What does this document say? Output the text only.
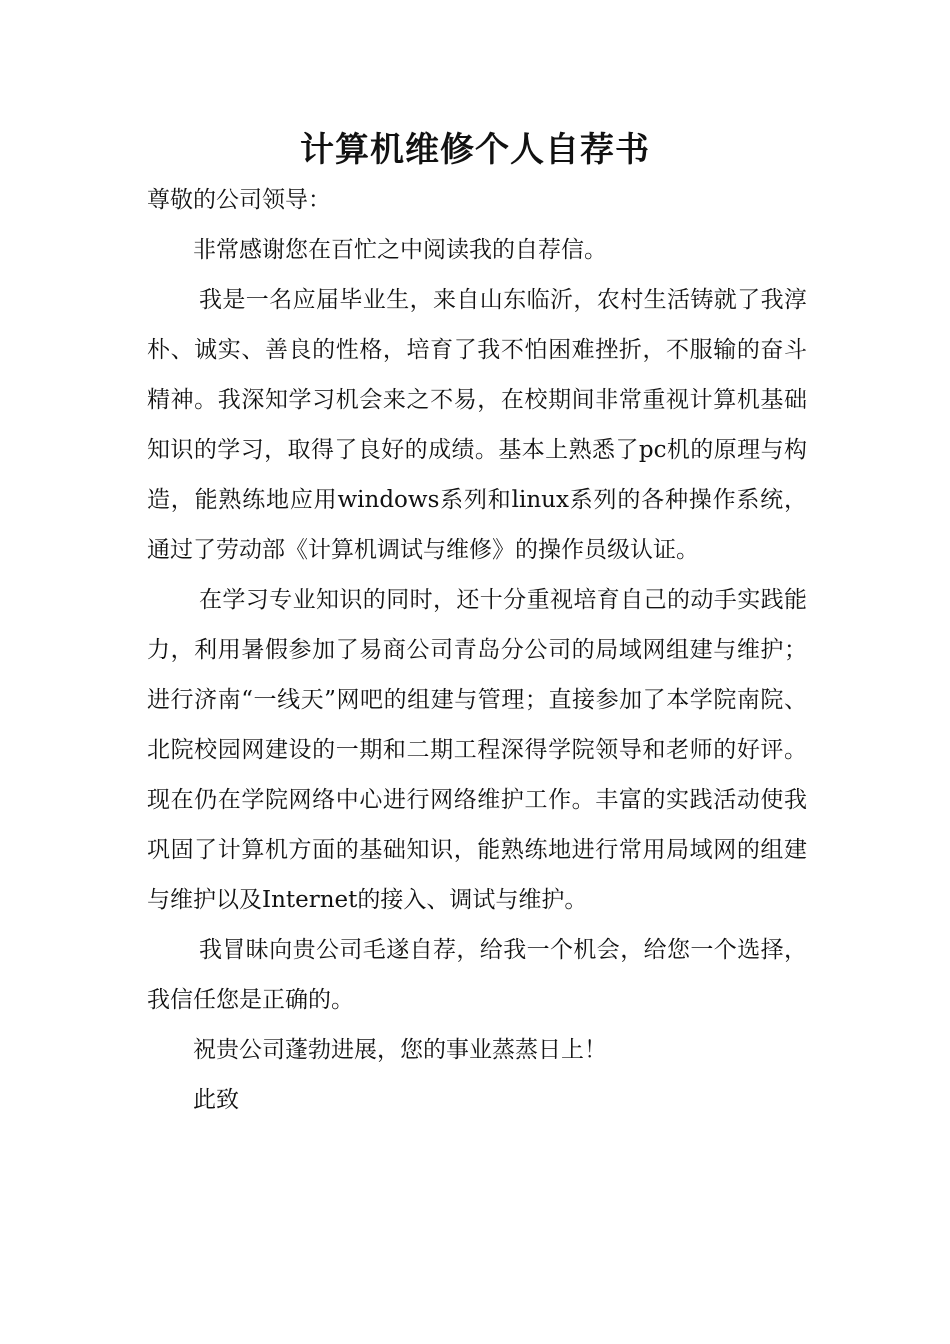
计算机维修个人自荐书

尊敬的公司领导：

非常感谢您在百忙之中阅读我的自荐信。

我是一名应届毕业生，来自山东临沂，农村生活铸就了我淳朴、诚实、善良的性格，培育了我不怕困难挫折，不服输的奋斗精神。我深知学习机会来之不易，在校期间非常重视计算机基础知识的学习，取得了良好的成绩。基本上熟悉了pc机的原理与构造，能熟练地应用windows系列和linux系列的各种操作系统，通过了劳动部《计算机调试与维修》的操作员级认证。

在学习专业知识的同时，还十分重视培育自己的动手实践能力，利用暑假参加了易商公司青岛分公司的局域网组建与维护；进行济南“一线天”网吧的组建与管理；直接参加了本学院南院、北院校园网建设的一期和二期工程深得学院领导和老师的好评。现在仍在学院网络中心进行网络维护工作。丰富的实践活动使我巩固了计算机方面的基础知识，能熟练地进行常用局域网的组建与维护以及Internet的接入、调试与维护。

我冒昧向贵公司毛遂自荐，给我一个机会，给您一个选择，我信任您是正确的。

祝贵公司蓬勃进展，您的事业蒸蒸日上！

此致
